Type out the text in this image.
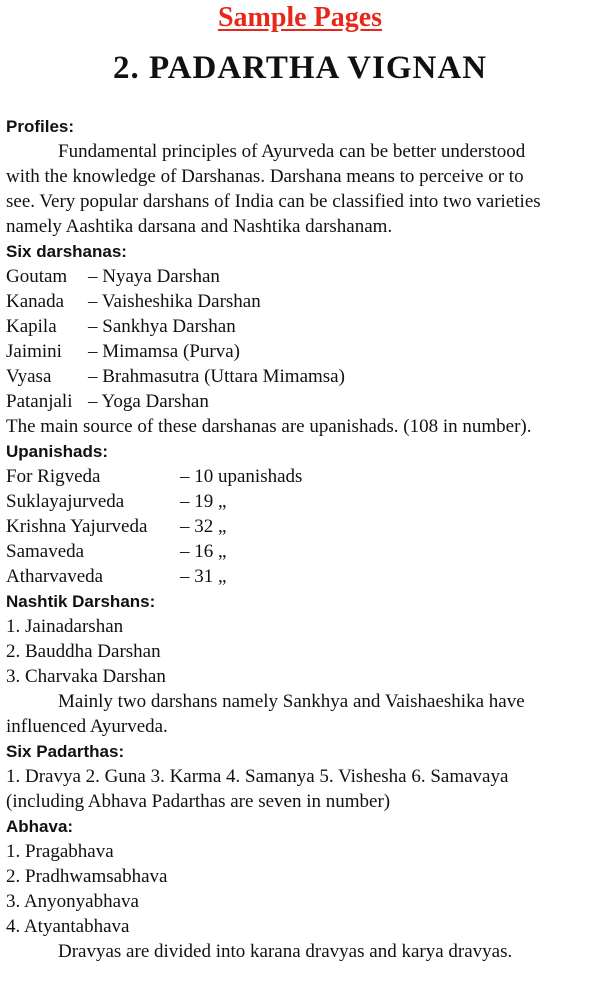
Sample Pages
2. PADARTHA VIGNAN
Profiles:
Fundamental principles of Ayurveda can be better understood
with the knowledge of Darshanas. Darshana means to perceive or to
see. Very popular darshans of India can be classified into two varieties
namely Aashtika darsana and Nashtika darshanam.
Six darshanas:
Goutam	– Nyaya Darshan
Kanada	– Vaisheshika Darshan
Kapila	– Sankhya Darshan
Jaimini	– Mimamsa (Purva)
Vyasa	– Brahmasutra (Uttara Mimamsa)
Patanjali – Yoga Darshan
The main source of these darshanas are upanishads. (108 in number).
Upanishads:
For Rigveda	– 10 upanishads
Suklayajurveda	– 19 „
Krishna Yajurveda	– 32 „
Samaveda	– 16 „
Atharvaveda	– 31 „
Nashtik Darshans:
1. Jainadarshan
2. Bauddha Darshan
3. Charvaka Darshan
Mainly two darshans namely Sankhya and Vaishaeshika have
influenced Ayurveda.
Six Padarthas:
1. Dravya 2. Guna 3. Karma 4. Samanya 5. Vishesha 6. Samavaya
(including Abhava Padarthas are seven in number)
Abhava:
1. Pragabhava
2. Pradhwamsabhava
3. Anyonyabhava
4. Atyantabhava
Dravyas are divided into karana dravyas and karya dravyas.
